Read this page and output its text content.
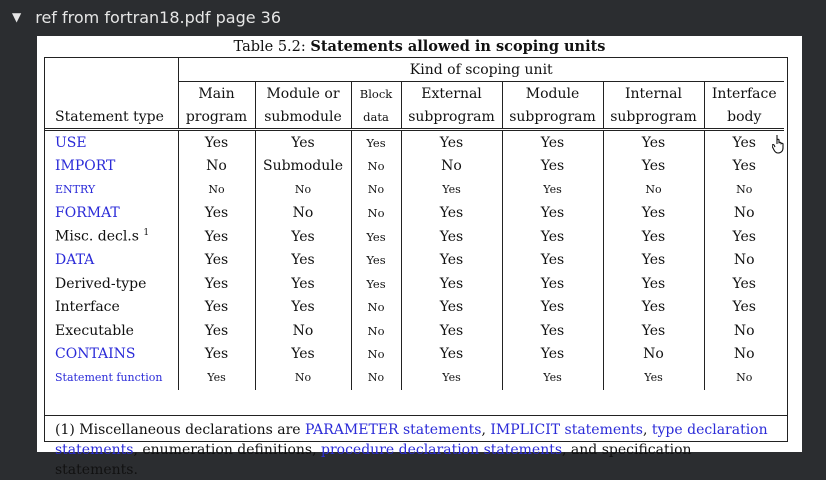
▼ ref from fortran18.pdf page 36
Table 5.2: Statements allowed in scoping units
	Kind of scoping unit						
	Main	Module or	Block	External	Module	Internal	Interface
Statement type	program	submodule	data	subprogram	subprogram	subprogram	body
USE	Yes	Yes	Yes	Yes	Yes	Yes	Yes
IMPORT	No	Submodule	No	No	Yes	Yes	Yes
ENTRY	No	No	No	Yes	Yes	No	No
FORMAT	Yes	No	No	Yes	Yes	Yes	No
Misc. decl.s $^1$	Yes	Yes	Yes	Yes	Yes	Yes	Yes
DATA	Yes	Yes	Yes	Yes	Yes	Yes	No
Derived-type	Yes	Yes	Yes	Yes	Yes	Yes	Yes
Interface	Yes	Yes	No	Yes	Yes	Yes	Yes
Executable	Yes	No	No	Yes	Yes	Yes	No
CONTAINS	Yes	Yes	No	Yes	Yes	No	No
Statement function	Yes	No	No	Yes	Yes	Yes	No
(1) Miscellaneous declarations are PARAMETER statements, IMPLICIT statements, type declaration statements, enumeration definitions, procedure declaration statements, and specification statements.
